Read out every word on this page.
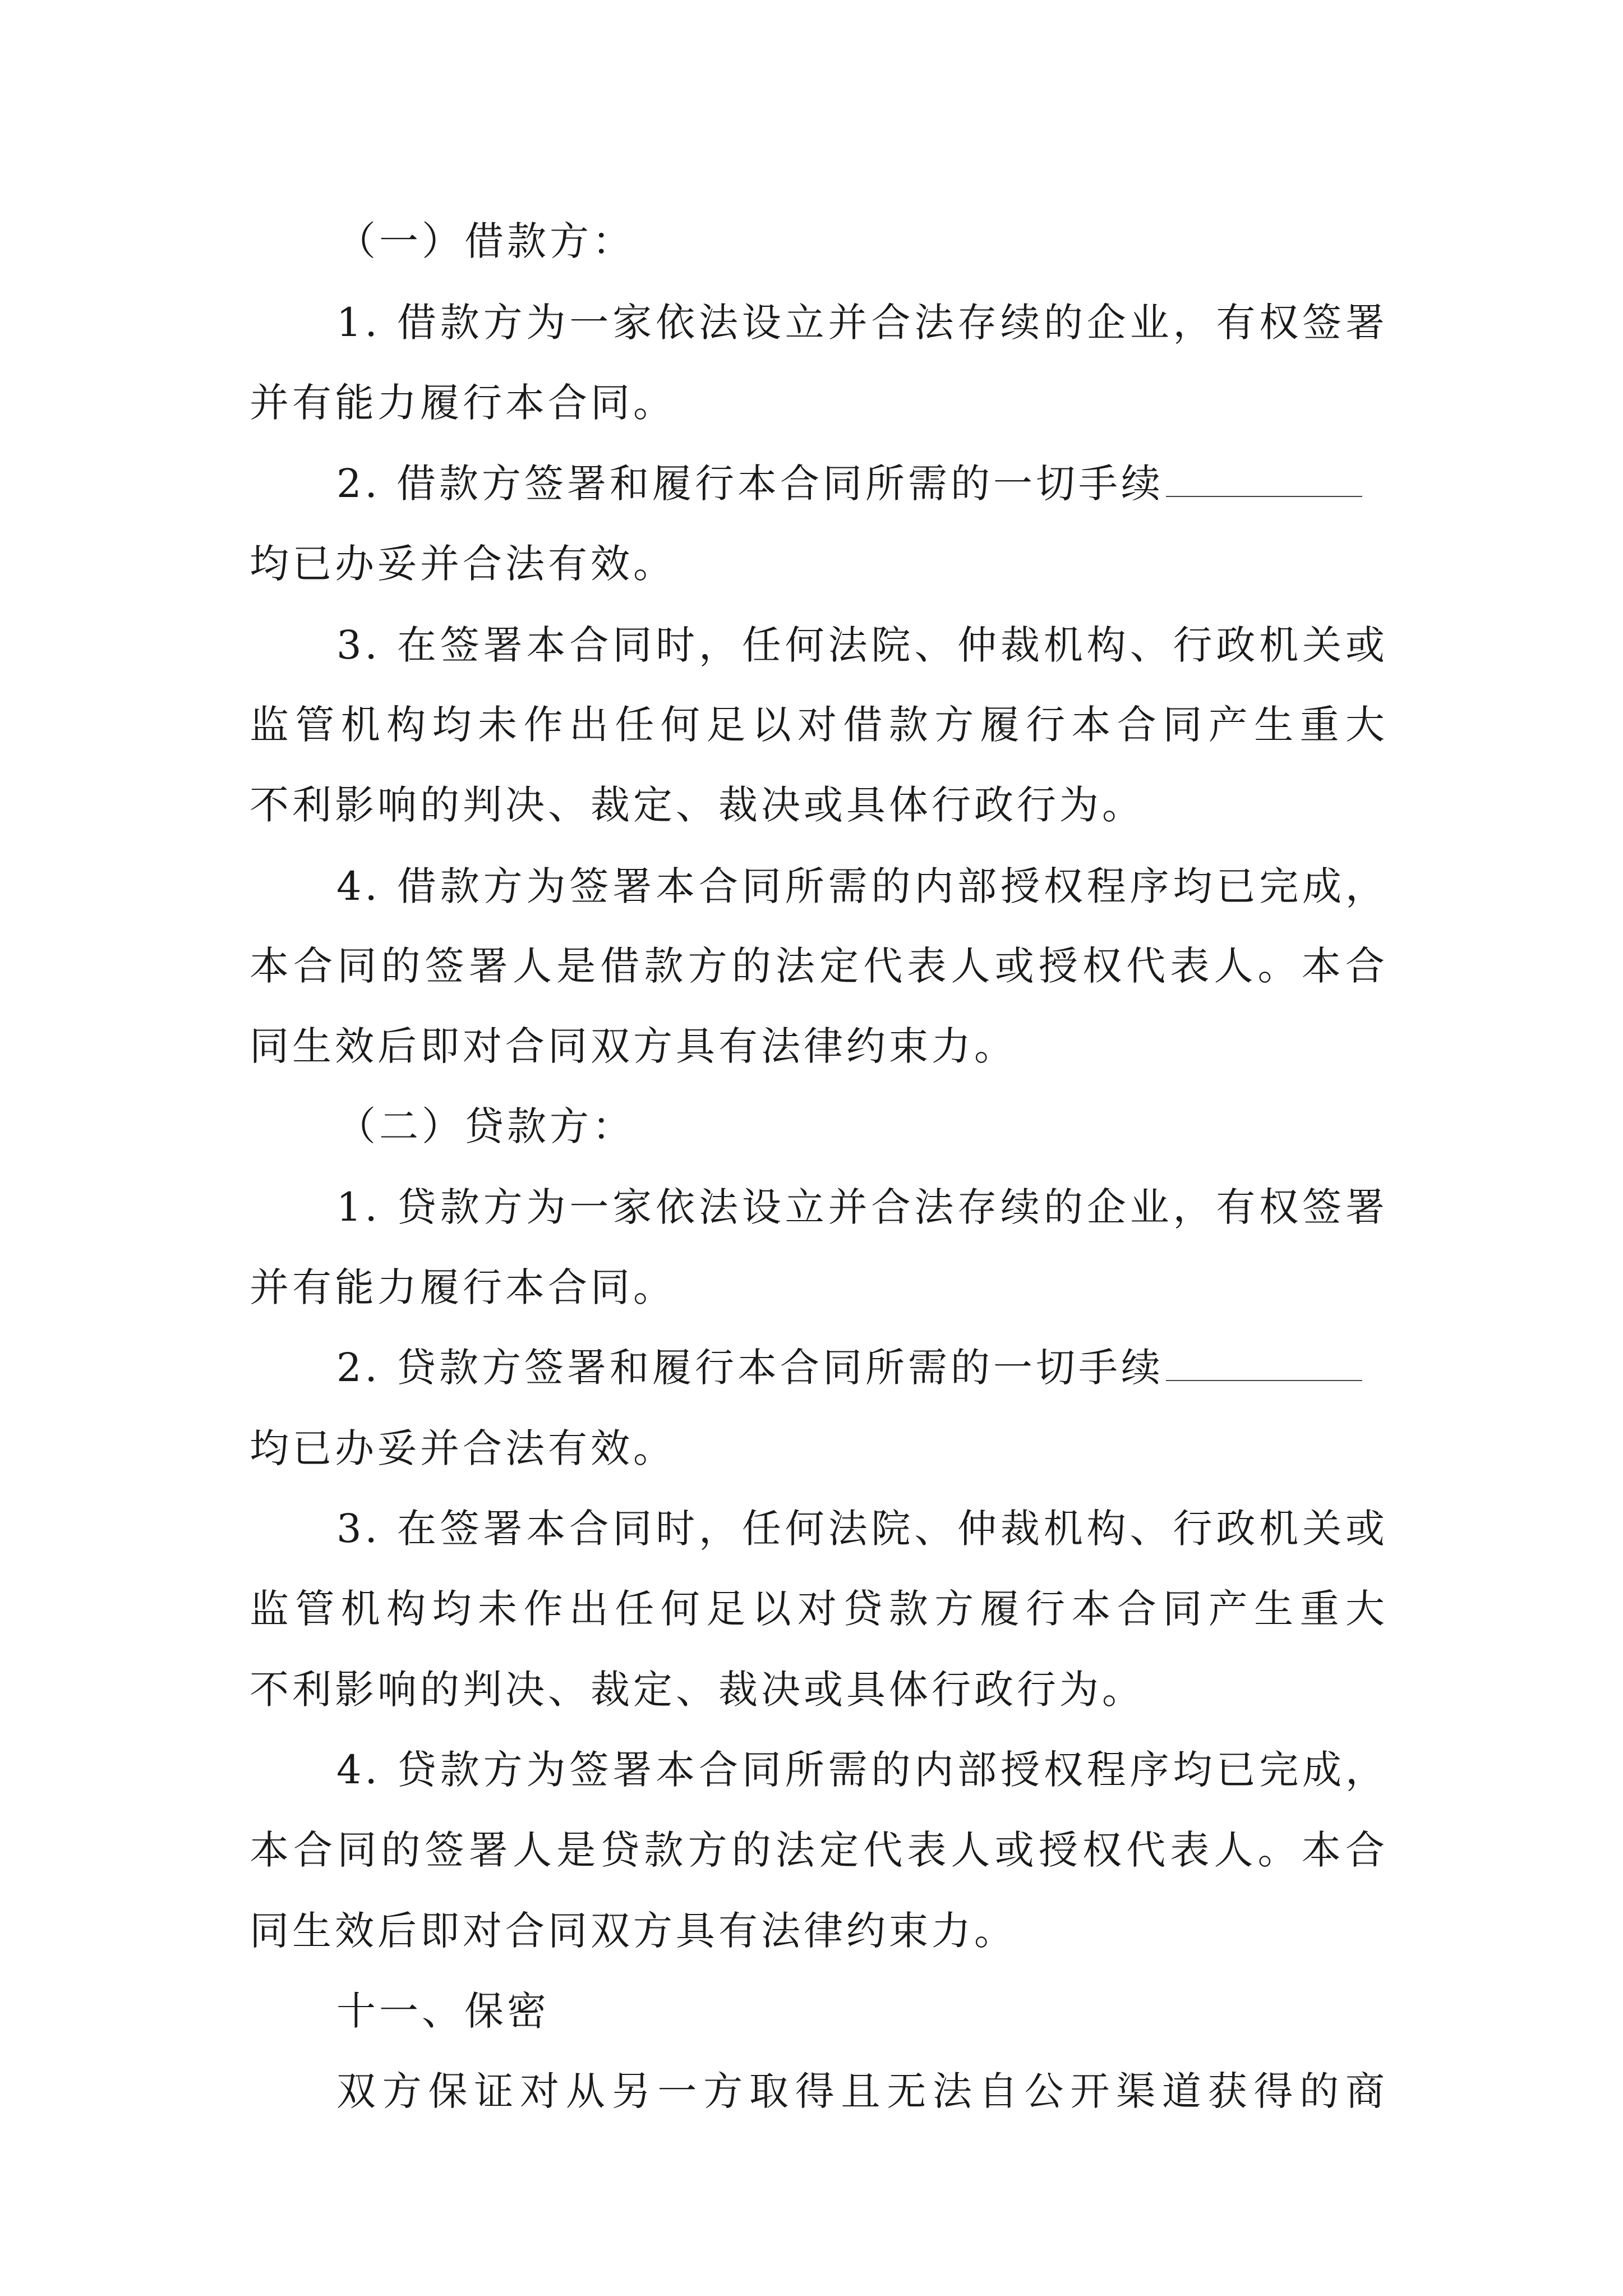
（一）借款方：
1. 借款方为一家依法设立并合法存续的企业，有权签署
并有能力履行本合同。
2. 借款方签署和履行本合同所需的一切手续
均已办妥并合法有效。
3. 在签署本合同时，任何法院、仲裁机构、行政机关或
监管机构均未作出任何足以对借款方履行本合同产生重大
不利影响的判决、裁定、裁决或具体行政行为。
4. 借款方为签署本合同所需的内部授权程序均已完成，
本合同的签署人是借款方的法定代表人或授权代表人。本合
同生效后即对合同双方具有法律约束力。
（二）贷款方：
1. 贷款方为一家依法设立并合法存续的企业，有权签署
并有能力履行本合同。
2. 贷款方签署和履行本合同所需的一切手续
均已办妥并合法有效。
3. 在签署本合同时，任何法院、仲裁机构、行政机关或
监管机构均未作出任何足以对贷款方履行本合同产生重大
不利影响的判决、裁定、裁决或具体行政行为。
4. 贷款方为签署本合同所需的内部授权程序均已完成，
本合同的签署人是贷款方的法定代表人或授权代表人。本合
同生效后即对合同双方具有法律约束力。
十一、保密
双方保证对从另一方取得且无法自公开渠道获得的商
